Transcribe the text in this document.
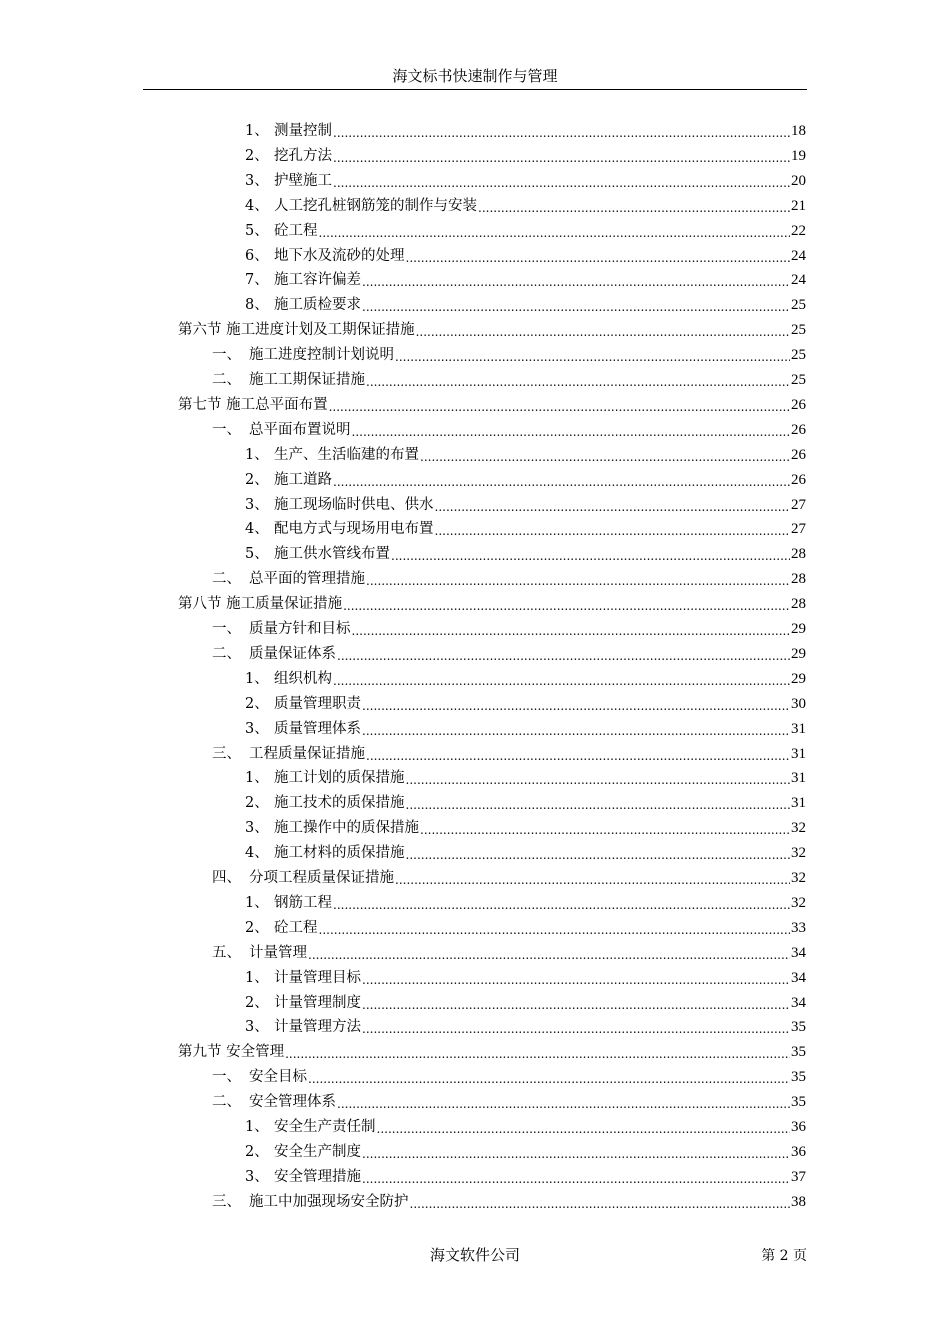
海文标书快速制作与管理
1、 测量控制 .....	18
2、 挖孔方法 .....	19
3、 护壁施工 .....	20
4、 人工挖孔桩钢筋笼的制作与安装 .....	21
5、 砼工程 .....	22
6、 地下水及流砂的处理 .....	24
7、 施工容许偏差 .....	24
8、 施工质检要求 .....	25
第六节 施工进度计划及工期保证措施 .....	25
一、 施工进度控制计划说明 .....	25
二、 施工工期保证措施 .....	25
第七节 施工总平面布置 .....	26
一、 总平面布置说明 .....	26
1、 生产、生活临建的布置 .....	26
2、 施工道路 .....	26
3、 施工现场临时供电、供水 .....	27
4、 配电方式与现场用电布置 .....	27
5、 施工供水管线布置 .....	28
二、 总平面的管理措施 .....	28
第八节 施工质量保证措施 .....	28
一、 质量方针和目标 .....	29
二、 质量保证体系 .....	29
1、 组织机构 .....	29
2、 质量管理职责 .....	30
3、 质量管理体系 .....	31
三、 工程质量保证措施 .....	31
1、 施工计划的质保措施 .....	31
2、 施工技术的质保措施 .....	31
3、 施工操作中的质保措施 .....	32
4、 施工材料的质保措施 .....	32
四、 分项工程质量保证措施 .....	32
1、 钢筋工程 .....	32
2、 砼工程 .....	33
五、 计量管理 .....	34
1、 计量管理目标 .....	34
2、 计量管理制度 .....	34
3、 计量管理方法 .....	35
第九节 安全管理 .....	35
一、 安全目标 .....	35
二、 安全管理体系 .....	35
1、 安全生产责任制 .....	36
2、 安全生产制度 .....	36
3、 安全管理措施 .....	37
三、 施工中加强现场安全防护 .....	38
海文软件公司	第 2 页
